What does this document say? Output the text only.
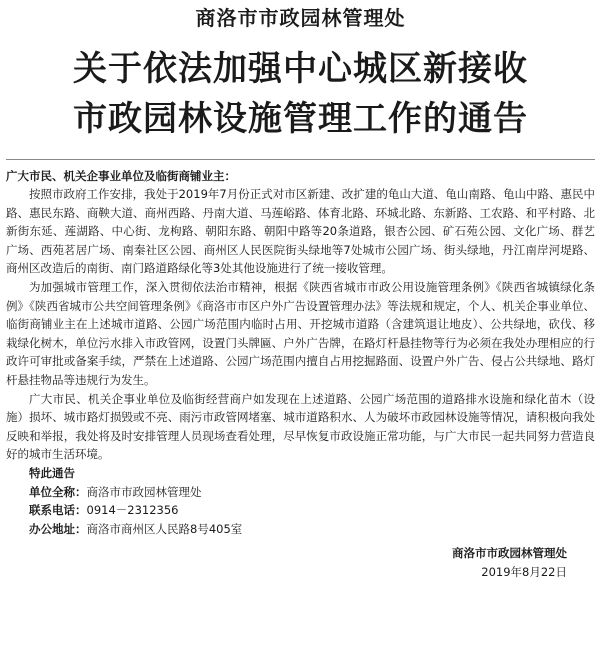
商洛市市政园林管理处
关于依法加强中心城区新接收
市政园林设施管理工作的通告
广大市民、机关企事业单位及临街商铺业主：

按照市政府工作安排，我处于2019年7月份正式对市区新建、改扩建的龟山大道、龟山南路、龟山中路、惠民中路、惠民东路、商鞅大道、商州西路、丹南大道、马莲峪路、体育北路、环城北路、东新路、工农路、和平村路、北新街东延、莲湖路、中心街、龙枸路、朝阳东路、朝阳中路等20条道路，银杏公园、矿石苑公园、文化广场、群艺广场、西苑茗居广场、南秦社区公园、商州区人民医院街头绿地等7处城市公园广场、街头绿地，丹江南岸河堤路、商州区改造后的南街、南门路道路绿化等3处其他设施进行了统一接收管理。

为加强城市管理工作，深入贯彻依法治市精神，根据《陕西省城市市政公用设施管理条例》《陕西省城镇绿化条例》《陕西省城市公共空间管理条例》《商洛市市区户外广告设置管理办法》等法规和规定，个人、机关企事业单位、临街商铺业主在上述城市道路、公园广场范围内临时占用、开挖城市道路（含建筑退让地皮）、公共绿地，砍伐、移栽绿化树木，单位污水排入市政管网，设置门头牌匾、户外广告牌，在路灯杆悬挂物等行为必须在我处办理相应的行政许可审批或备案手续，严禁在上述道路、公园广场范围内擅自占用挖掘路面、设置户外广告、侵占公共绿地、路灯杆悬挂物品等违规行为发生。

广大市民、机关企事业单位及临街经营商户如发现在上述道路、公园广场范围的道路排水设施和绿化苗木（设施）损坏、城市路灯损毁或不亮、雨污市政管网堵塞、城市道路积水、人为破坏市政园林设施等情况，请积极向我处反映和举报，我处将及时安排管理人员现场查看处理，尽早恢复市政设施正常功能，与广大市民一起共同努力营造良好的城市生活环境。

特此通告
单位全称：商洛市市政园林管理处
联系电话：0914－2312356
办公地址：商洛市商州区人民路8号405室
商洛市市政园林管理处
2019年8月22日
